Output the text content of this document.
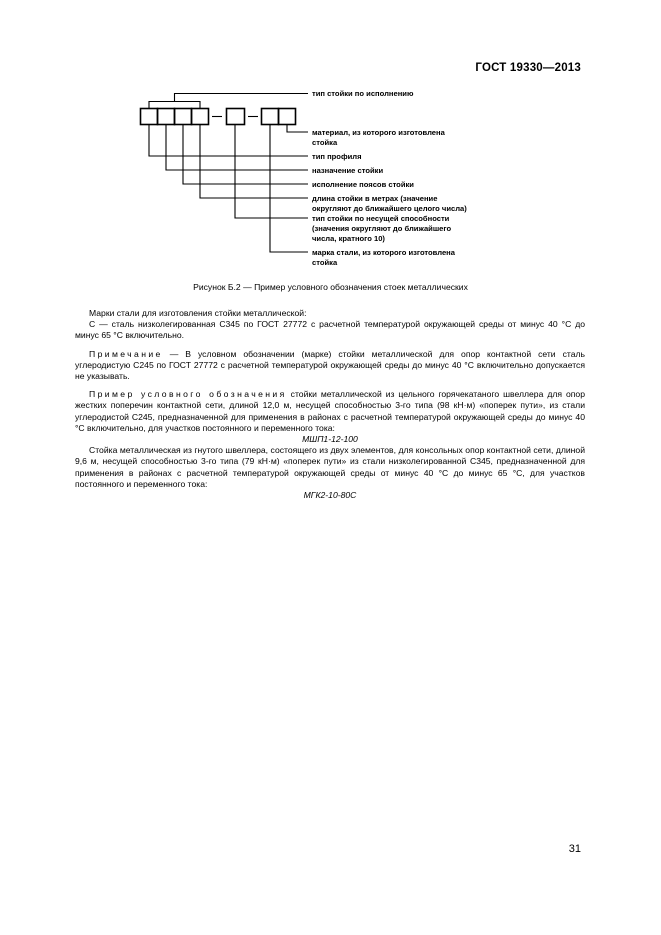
ГОСТ 19330—2013
тип стойки по исполнению
материал, из которого изготовлена стойка
тип профиля
назначение стойки
исполнение поясов стойки
длина стойки в метрах (значение округляют до ближайшего целого числа)
тип стойки по несущей способности (значения округляют до ближайшего числа, кратного 10)
марка стали, из которого изготовлена стойка
Рисунок Б.2 — Пример условного обозначения стоек металлических

Марки стали для изготовления стойки металлической:

С — сталь низколегированная С345 по ГОСТ 27772 с расчетной температурой окружающей среды от минус 40 °С до минус 65 °С включительно.

Примечание — В условном обозначении (марке) стойки металлической для опор контактной сети сталь углеродистую С245 по ГОСТ 27772 с расчетной температурой окружающей среды до минус 40 °С включительно допускается не указывать.

Пример условного обозначения стойки металлической из цельного горячекатаного швеллера для опор жестких поперечин контактной сети, длиной 12,0 м, несущей способностью 3-го типа (98 кН·м) «поперек пути», из стали углеродистой С245, предназначенной для применения в районах с расчетной температурой окружающей среды до минус 40 °С включительно, для участков постоянного и переменного тока:

МШП1-12-100

Стойка металлическая из гнутого швеллера, состоящего из двух элементов, для консольных опор контактной сети, длиной 9,6 м, несущей способностью 3-го типа (79 кН·м) «поперек пути» из стали низколегированной С345, предназначенной для применения в районах с расчетной температурой окружающей среды от минус 40 °С до минус 65 °С, для участков постоянного и переменного тока:

МГК2-10-80С

31
